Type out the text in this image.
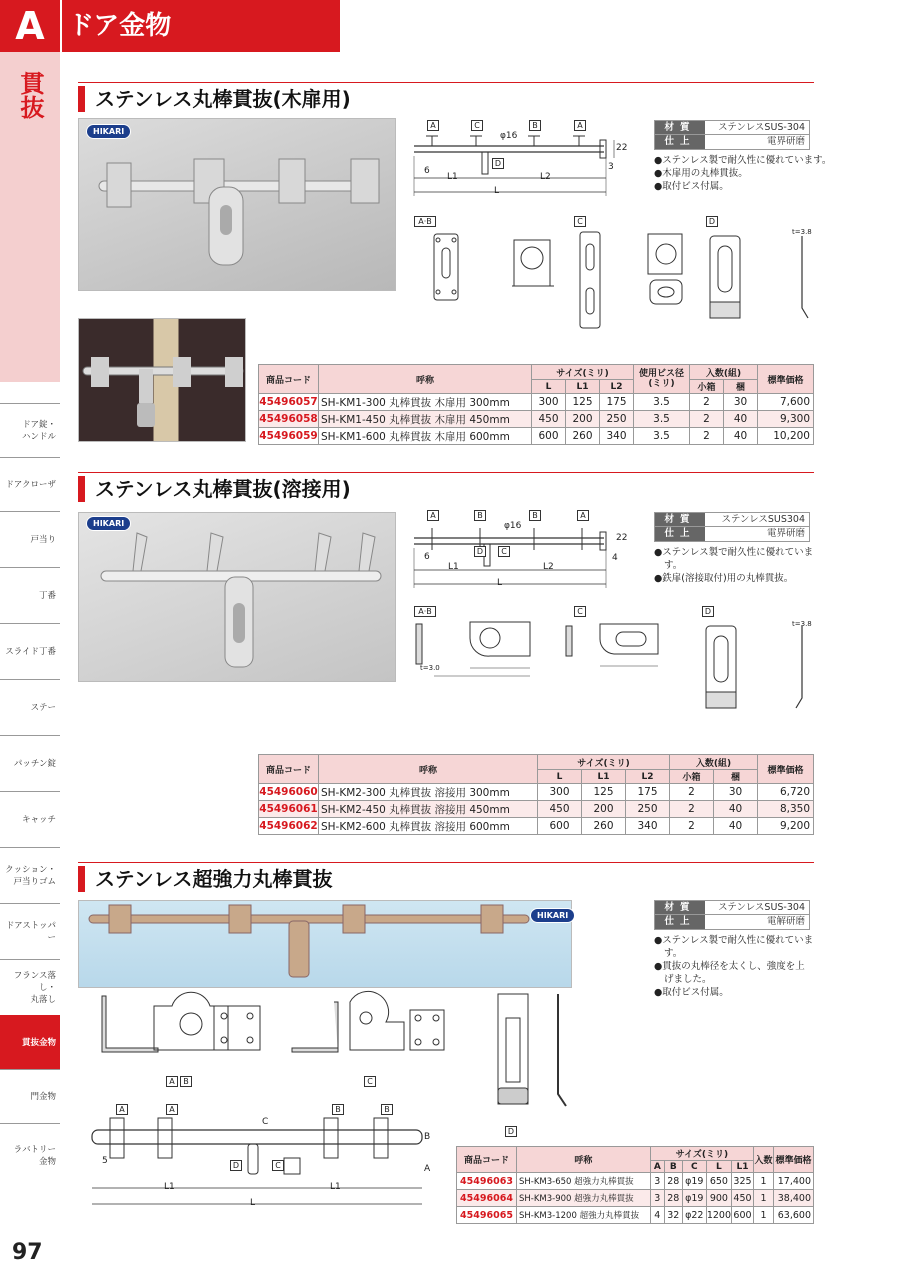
A ドア金物
貫抜
ドア錠・
ハンドル
ドアクローザ
戸当り
丁番
スライド丁番
ステー
パッチン錠
キャッチ
クッション・
戸当りゴム
ドアストッパー
フランス落し・
丸落し
貫抜金物
門金物
ラバトリー
金物
97
ステンレス丸棒貫抜(木扉用)
HIKARI
A	C	B	A
D
φ16
22
6	3
L1	L2
L
A·B	C	D
t=3.8
材質	ステンレスSUS-304
仕上	電界研磨
●ステンレス製で耐久性に優れています。
●木扉用の丸棒貫抜。
●取付ビス付属。
商品コード	呼称	サイズ(ミリ)			使用ビス径
(ミリ)	入数(組)		標準価格
		L	L1	L2		小箱	梱	
45496057	SH-KM1-300 丸棒貫抜 木扉用 300mm	300	125	175	3.5	2	30	7,600
45496058	SH-KM1-450 丸棒貫抜 木扉用 450mm	450	200	250	3.5	2	40	9,300
45496059	SH-KM1-600 丸棒貫抜 木扉用 600mm	600	260	340	3.5	2	40	10,200
ステンレス丸棒貫抜(溶接用)
HIKARI
A	B	B	A
D	C
φ16
22
6	4
L1	L2
L
A·B	C	D
t=3.0
t=3.8
材質	ステンレスSUS304
仕上	電界研磨
●ステンレス製で耐久性に優れていま
す。
●鉄扉(溶接取付)用の丸棒貫抜。
商品コード	呼称	サイズ(ミリ)			入数(組)		標準価格
		L	L1	L2	小箱	梱	
45496060	SH-KM2-300 丸棒貫抜 溶接用 300mm	300	125	175	2	30	6,720
45496061	SH-KM2-450 丸棒貫抜 溶接用 450mm	450	200	250	2	40	8,350
45496062	SH-KM2-600 丸棒貫抜 溶接用 600mm	600	260	340	2	40	9,200
ステンレス超強力丸棒貫抜
HIKARI
A	B	C
D
A	A	B	B
D	C
C
B
A
5
L1	L1
L
材質	ステンレスSUS-304
仕上	電解研磨
●ステンレス製で耐久性に優れていま
す。
●貫抜の丸棒径を太くし、強度を上
げました。
●取付ビス付属。
商品コード	呼称	サイズ(ミリ)					入数	標準価格
		A	B	C	L	L1		
45496063	SH-KM3-650 超強力丸棒貫抜	3	28	φ19	650	325	1	17,400
45496064	SH-KM3-900 超強力丸棒貫抜	3	28	φ19	900	450	1	38,400
45496065	SH-KM3-1200 超強力丸棒貫抜	4	32	φ22	1200	600	1	63,600
